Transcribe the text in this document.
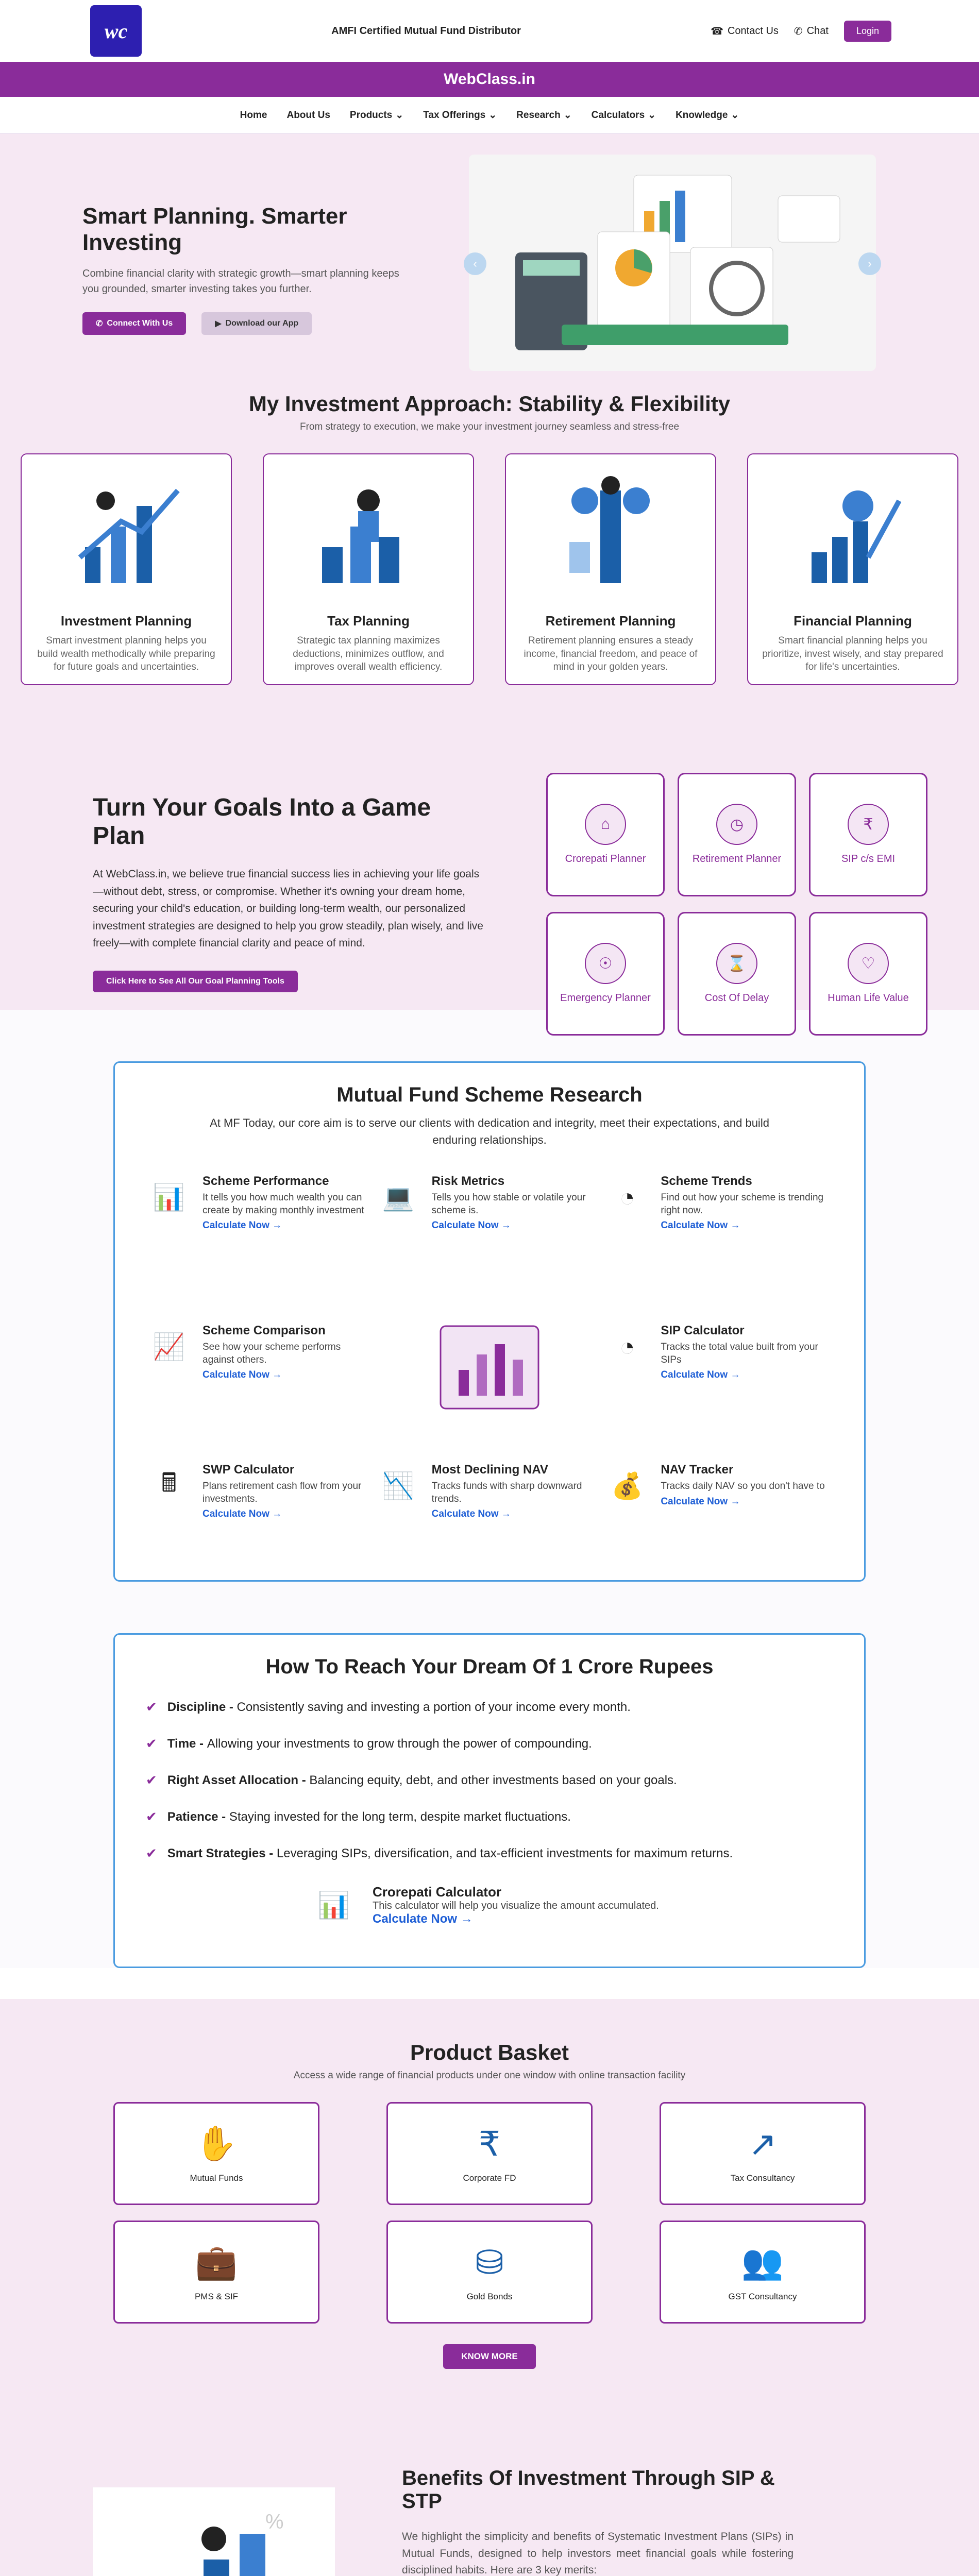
wc	AMFI Certified Mutual Fund Distributor	☎ Contact Us ✆ Chat	Login
WebClass.in
Home About Us Products ⌄ Tax Offerings ⌄ Research ⌄ Calculators ⌄ Knowledge ⌄
Smart Planning. Smarter Investing

Combine financial clarity with strategic growth—smart planning keeps you grounded, smarter investing takes you further.

✆ Connect With Us	▶ Download our App
‹	›
My Investment Approach: Stability & Flexibility
From strategy to execution, we make your investment journey seamless and stress-free
Investment Planning

Smart investment planning helps you build wealth methodically while preparing for future goals and uncertainties.

Tax Planning

Strategic tax planning maximizes deductions, minimizes outflow, and improves overall wealth efficiency.

Retirement Planning

Retirement planning ensures a steady income, financial freedom, and peace of mind in your golden years.

Financial Planning

Smart financial planning helps you prioritize, invest wisely, and stay prepared for life's uncertainties.

Turn Your Goals Into a Game Plan

At WebClass.in, we believe true financial success lies in achieving your life goals—without debt, stress, or compromise. Whether it's owning your dream home, securing your child's education, or building long-term wealth, our personalized investment strategies are designed to help you grow steadily, plan wisely, and live freely—with complete financial clarity and peace of mind.

Click Here to See All Our Goal Planning Tools
⌂
Crorepati Planner
◷
Retirement Planner
₹
SIP c/s EMI
☉
Emergency Planner
⌛
Cost Of Delay
♡
Human Life Value
Mutual Fund Scheme Research

At MF Today, our core aim is to serve our clients with dedication and integrity, meet their expectations, and build enduring relationships.

📊
Scheme Performance

It tells you how much wealth you can create by making monthly investment

Calculate Now →
💻
Risk Metrics

Tells you how stable or volatile your scheme is.

Calculate Now →
◔
Scheme Trends

Find out how your scheme is trending right now.

Calculate Now →
📈
Scheme Comparison

See how your scheme performs against others.

Calculate Now →
◔
SIP Calculator

Tracks the total value built from your SIPs

Calculate Now →
🖩	SWP Calculator

Plans retirement cash flow from your investments.

Calculate Now →
📉
Most Declining NAV

Tracks funds with sharp downward trends.

Calculate Now →
💰
NAV Tracker

Tracks daily NAV so you don't have to

Calculate Now →
How To Reach Your Dream Of 1 Crore Rupees
✔ Discipline - Consistently saving and investing a portion of your income every month.
✔ Time - Allowing your investments to grow through the power of compounding.
✔ Right Asset Allocation - Balancing equity, debt, and other investments based on your goals.
✔ Patience - Staying invested for the long term, despite market fluctuations.
✔ Smart Strategies - Leveraging SIPs, diversification, and tax-efficient investments for maximum returns.
📊	Crorepati Calculator

This calculator will help you visualize the amount accumulated.

Calculate Now →
Product Basket
Access a wide range of financial products under one window with online transaction facility
✋
Mutual Funds
₹
Corporate FD
↗
Tax Consultancy
💼
PMS & SIF
⛁
Gold Bonds
👥
GST Consultancy
KNOW MORE
%
Benefits Of Investment Through SIP & STP

We highlight the simplicity and benefits of Systematic Investment Plans (SIPs) in Mutual Funds, designed to help investors meet financial goals while fostering disciplined habits. Here are 3 key merits:
